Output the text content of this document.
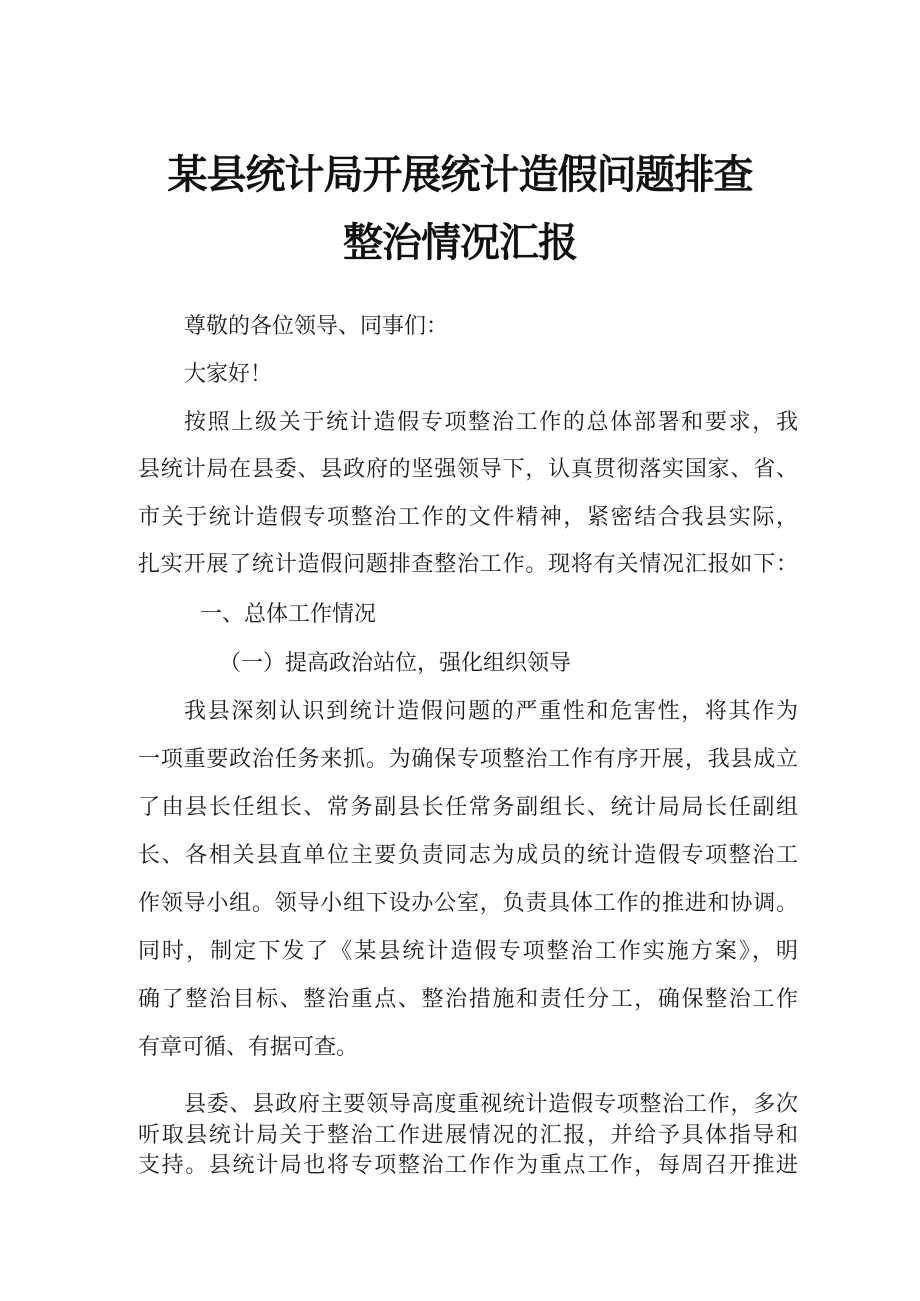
某县统计局开展统计造假问题排查
整治情况汇报
尊敬的各位领导、同事们：
大家好！
按照上级关于统计造假专项整治工作的总体部署和要求，我
县统计局在县委、县政府的坚强领导下，认真贯彻落实国家、省、
市关于统计造假专项整治工作的文件精神，紧密结合我县实际，
扎实开展了统计造假问题排查整治工作。现将有关情况汇报如下：
一、总体工作情况
（一）提高政治站位，强化组织领导
我县深刻认识到统计造假问题的严重性和危害性，将其作为
一项重要政治任务来抓。为确保专项整治工作有序开展，我县成立
了由县长任组长、常务副县长任常务副组长、统计局局长任副组
长、各相关县直单位主要负责同志为成员的统计造假专项整治工
作领导小组。领导小组下设办公室，负责具体工作的推进和协调。
同时，制定下发了《某县统计造假专项整治工作实施方案》，明
确了整治目标、整治重点、整治措施和责任分工，确保整治工作
有章可循、有据可查。
县委、县政府主要领导高度重视统计造假专项整治工作，多次
听取县统计局关于整治工作进展情况的汇报，并给予具体指导和
支持。县统计局也将专项整治工作作为重点工作，每周召开推进
